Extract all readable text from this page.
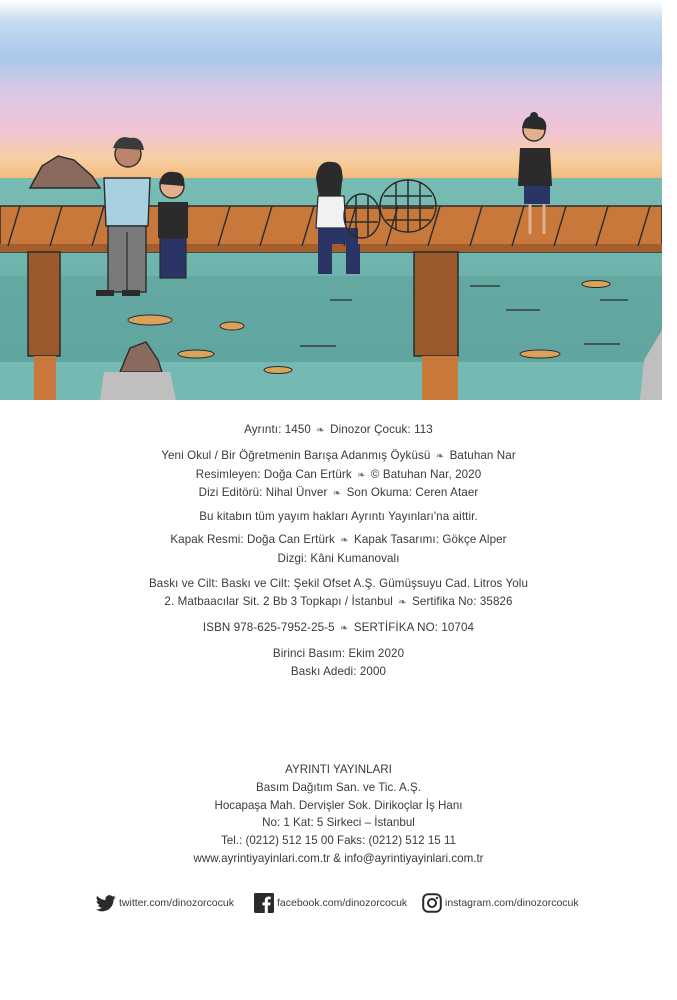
Ayrıntı: 1450 ❧ Dinozor Çocuk: 113
Yeni Okul / Bir Öğretmenin Barışa Adanmış Öyküsü ❧ Batuhan Nar
Resimleyen: Doğa Can Ertürk ❧ © Batuhan Nar, 2020
Dizi Editörü: Nihal Ünver ❧ Son Okuma: Ceren Ataer
Bu kitabın tüm yayım hakları Ayrıntı Yayınları'na aittir.
Kapak Resmi: Doğa Can Ertürk ❧ Kapak Tasarımı: Gökçe Alper
Dizgi: Kâni Kumanovalı
Baskı ve Cilt: Baskı ve Cilt: Şekil Ofset A.Ş. Gümüşsuyu Cad. Litros Yolu
2. Matbaacılar Sit. 2 Bb 3 Topkapı / İstanbul ❧ Sertifika No: 35826
ISBN 978-625-7952-25-5 ❧ SERTİFİKA NO: 10704
Birinci Basım: Ekim 2020
Baskı Adedi: 2000
AYRINTI YAYINLARI
Basım Dağıtım San. ve Tic. A.Ş.
Hocapaşa Mah. Dervişler Sok. Dirikoçlar İş Hanı
No: 1 Kat: 5 Sirkeci – İstanbul
Tel.: (0212) 512 15 00 Faks: (0212) 512 15 11
www.ayrintiyayinlari.com.tr & info@ayrintiyayinlari.com.tr
twitter.com/dinozorcocuk	facebook.com/dinozorcocuk	instagram.com/dinozorcocuk
